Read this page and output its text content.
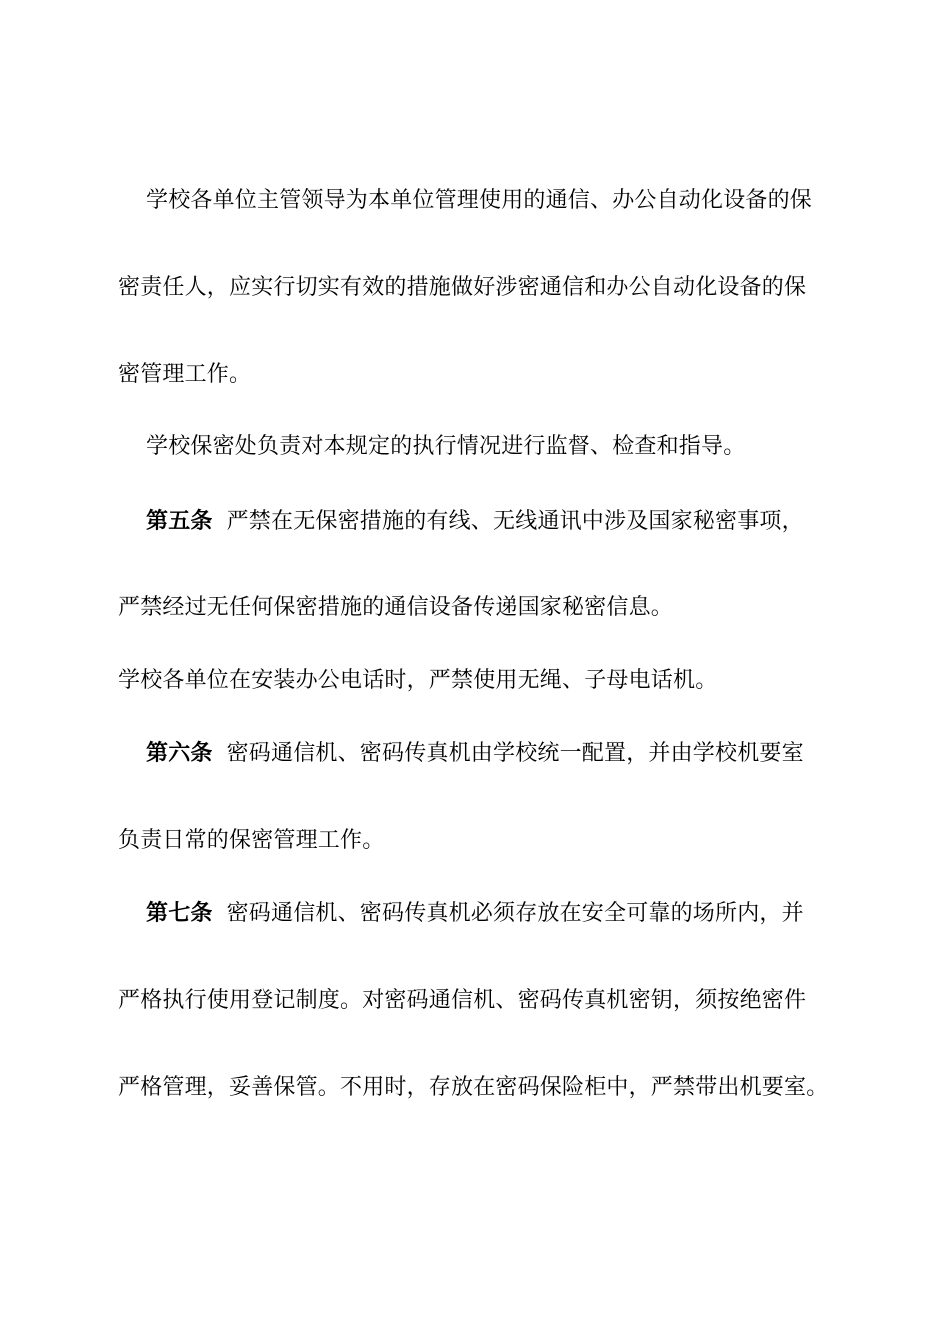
学校各单位主管领导为本单位管理使用的通信、办公自动化设备的保
密责任人，应实行切实有效的措施做好涉密通信和办公自动化设备的保
密管理工作。
学校保密处负责对本规定的执行情况进行监督、检查和指导。
第五条 严禁在无保密措施的有线、无线通讯中涉及国家秘密事项，
严禁经过无任何保密措施的通信设备传递国家秘密信息。
学校各单位在安装办公电话时，严禁使用无绳、子母电话机。
第六条 密码通信机、密码传真机由学校统一配置，并由学校机要室
负责日常的保密管理工作。
第七条 密码通信机、密码传真机必须存放在安全可靠的场所内，并
严格执行使用登记制度。对密码通信机、密码传真机密钥，须按绝密件
严格管理，妥善保管。不用时，存放在密码保险柜中，严禁带出机要室。
